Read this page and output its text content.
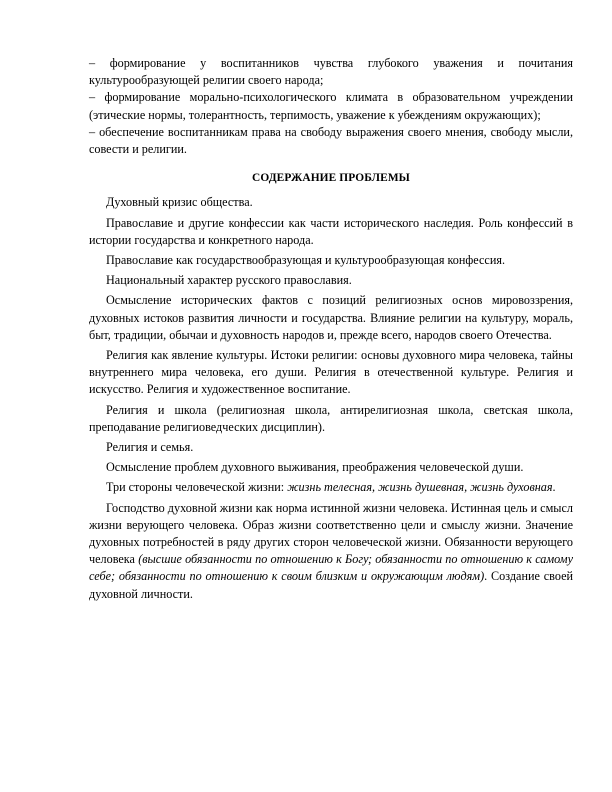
– формирование у воспитанников чувства глубокого уважения и почитания культурообразующей религии своего народа;

– формирование морально-психологического климата в образовательном учреждении (этические нормы, толерантность, терпимость, уважение к убеждениям окружающих);

– обеспечение воспитанникам права на свободу выражения своего мнения, свободу мысли, совести и религии.

СОДЕРЖАНИЕ ПРОБЛЕМЫ

Духовный кризис общества.

Православие и другие конфессии как части исторического наследия. Роль конфессий в истории государства и конкретного народа.

Православие как государствообразующая и культурообразующая конфессия.

Национальный характер русского православия.

Осмысление исторических фактов с позиций религиозных основ мировоззрения, духовных истоков развития личности и государства. Влияние религии на культуру, мораль, быт, традиции, обычаи и духовность народов и, прежде всего, народов своего Отечества.

Религия как явление культуры. Истоки религии: основы духовного мира человека, тайны внутреннего мира человека, его души. Религия в отечественной культуре. Религия и искусство. Религия и художественное воспитание.

Религия и школа (религиозная школа, антирелигиозная школа, светская школа, преподавание религиоведческих дисциплин).

Религия и семья.

Осмысление проблем духовного выживания, преображения человеческой души.

Три стороны человеческой жизни: жизнь телесная, жизнь душевная, жизнь духовная.

Господство духовной жизни как норма истинной жизни человека. Истинная цель и смысл жизни верующего человека. Образ жизни соответственно цели и смыслу жизни. Значение духовных потребностей в ряду других сторон человеческой жизни. Обязанности верующего человека (высшие обязанности по отношению к Богу; обязанности по отношению к самому себе; обязанности по отношению к своим близким и окружающим людям). Создание своей духовной личности.
